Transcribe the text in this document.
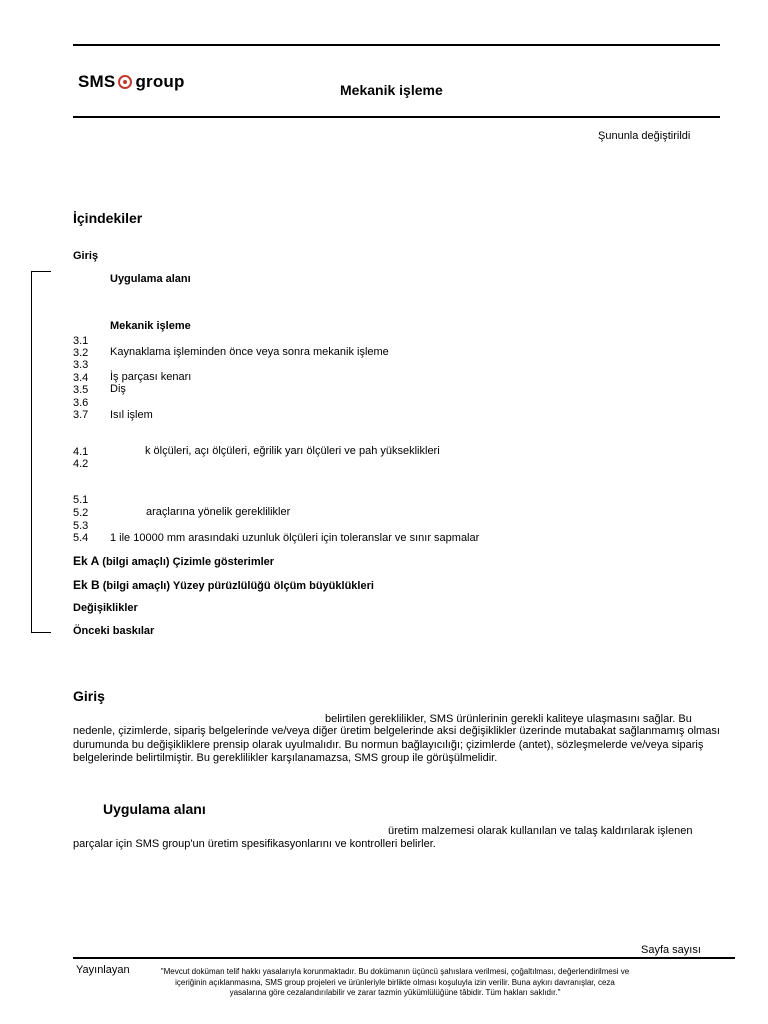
SMS group	Mekanik işleme
Şununla değiştirildi
İçindekiler
Giriş
Uygulama alanı
Mekanik işleme
3.1
3.2 Kaynaklama işleminden önce veya sonra mekanik işleme
3.3
3.4 İş parçası kenarı
3.5 Diş
3.6
3.7 Isıl işlem
4.1	k ölçüleri, açı ölçüleri, eğrilik yarı ölçüleri ve pah yükseklikleri
4.2
5.1
5.2	araçlarına yönelik gereklilikler
5.3
5.4 1 ile 10000 mm arasındaki uzunluk ölçüleri için toleranslar ve sınır sapmalar
Ek A (bilgi amaçlı) Çizimle gösterimler
Ek B (bilgi amaçlı) Yüzey pürüzlülüğü ölçüm büyüklükleri
Değişiklikler
Önceki baskılar
Giriş
belirtilen gereklilikler, SMS ürünlerinin gerekli kaliteye ulaşmasını sağlar. Bu
nedenle, çizimlerde, sipariş belgelerinde ve/veya diğer üretim belgelerinde aksi değişiklikler üzerinde mutabakat sağlanmamış olması durumunda bu değişikliklere prensip olarak uyulmalıdır. Bu normun bağlayıcılığı; çizimlerde (antet), sözleşmelerde ve/veya sipariş belgelerinde belirtilmiştir. Bu gereklilikler karşılanamazsa, SMS group ile görüşülmelidir.
Uygulama alanı
üretim malzemesi olarak kullanılan ve talaş kaldırılarak işlenen
parçalar için SMS group'un üretim spesifikasyonlarını ve kontrolleri belirler.
Sayfa sayısı
Yayınlayan	"Mevcut doküman telif hakkı yasalarıyla korunmaktadır. Bu dokümanın üçüncü şahıslara verilmesi, çoğaltılması, değerlendirilmesi ve içeriğinin açıklanmasına, SMS group projeleri ve ürünleriyle birlikte olması koşuluyla izin verilir. Buna aykırı davranışlar, ceza yasalarına göre cezalandırılabilir ve zarar tazmin yükümlülüğüne tâbidir. Tüm hakları saklıdır."
